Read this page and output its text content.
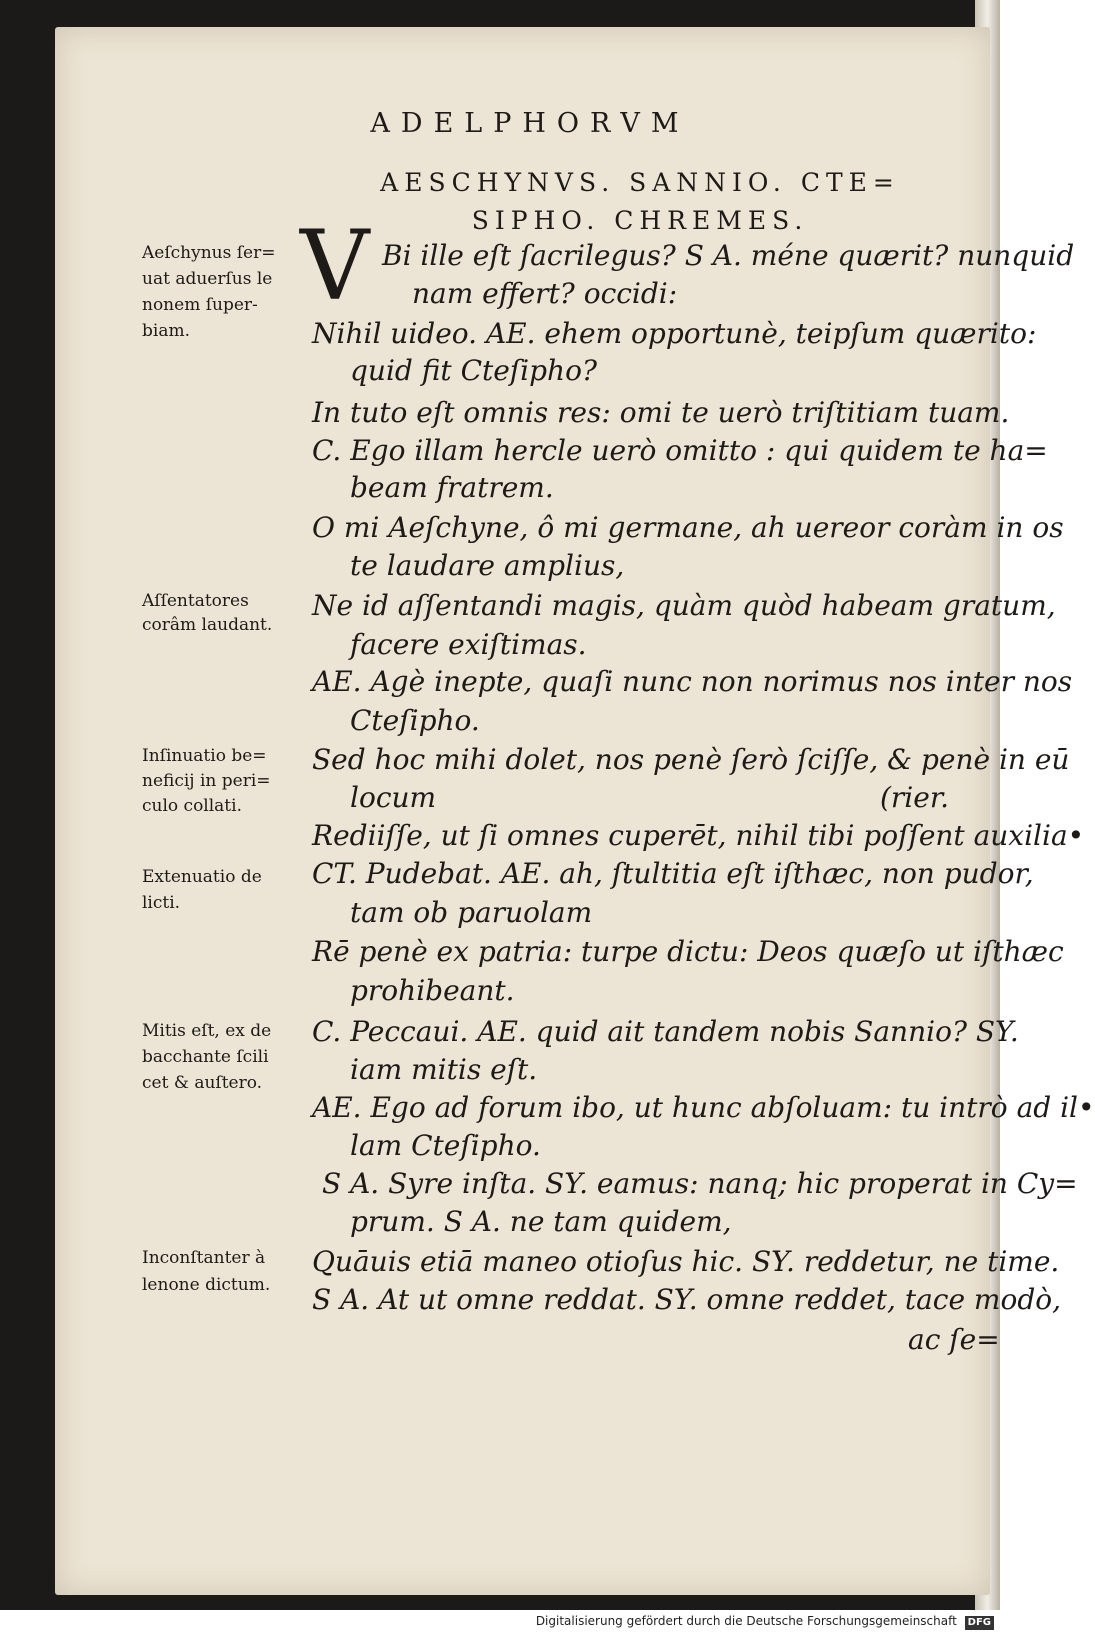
ADELPHORVM
AESCHYNVS. SANNIO. CTE=
SIPHO. CHREMES.
Aeſchynus ſer=
uat aduerſus le
nonem ſuper-
biam.
Aſſentatores
corâm laudant.
Inſinuatio be=
neficij in peri=
culo collati.
Extenuatio de
licti.
Mitis eſt, ex de
bacchante ſcili
cet & auſtero.
Inconſtanter à
lenone dictum.
V Bi ille eſt ſacrilegus? S A. méne quærit? nunquid
nam effert? occidi:
Nihil uideo. AE. ehem opportunè, teipſum quærito:
quid fit Cteſipho?
In tuto eſt omnis res: omi te uerò triſtitiam tuam.
C. Ego illam hercle uerò omitto : qui quidem te ha=
beam fratrem.
O mi Aeſchyne, ô mi germane, ah uereor coràm in os
te laudare amplius,
Ne id aſſentandi magis, quàm quòd habeam gratum,
facere exiſtimas.
AE. Agè inepte, quaſi nunc non norimus nos inter nos
Cteſipho.
Sed hoc mihi dolet, nos penè ſerò ſciſſe, & penè in eū
locum	(rier.
Rediiſſe, ut ſi omnes cuperēt, nihil tibi poſſent auxilia•
CT. Pudebat. AE. ah, ſtultitia eſt iſthæc, non pudor,
tam ob paruolam
Rē penè ex patria: turpe dictu: Deos quæſo ut iſthæc
prohibeant.
C. Peccaui. AE. quid ait tandem nobis Sannio? SY.
iam mitis eſt.
AE. Ego ad forum ibo, ut hunc abſoluam: tu intrò ad il•
lam Cteſipho.
S A. Syre inſta. SY. eamus: nanq; hic properat in Cy=
prum. S A. ne tam quidem,
Quāuis etiā maneo otioſus hic. SY. reddetur, ne time.
S A. At ut omne reddat. SY. omne reddet, tace modò,
ac ſe=
Digitalisierung gefördert durch die Deutsche Forschungsgemeinschaft DFG
